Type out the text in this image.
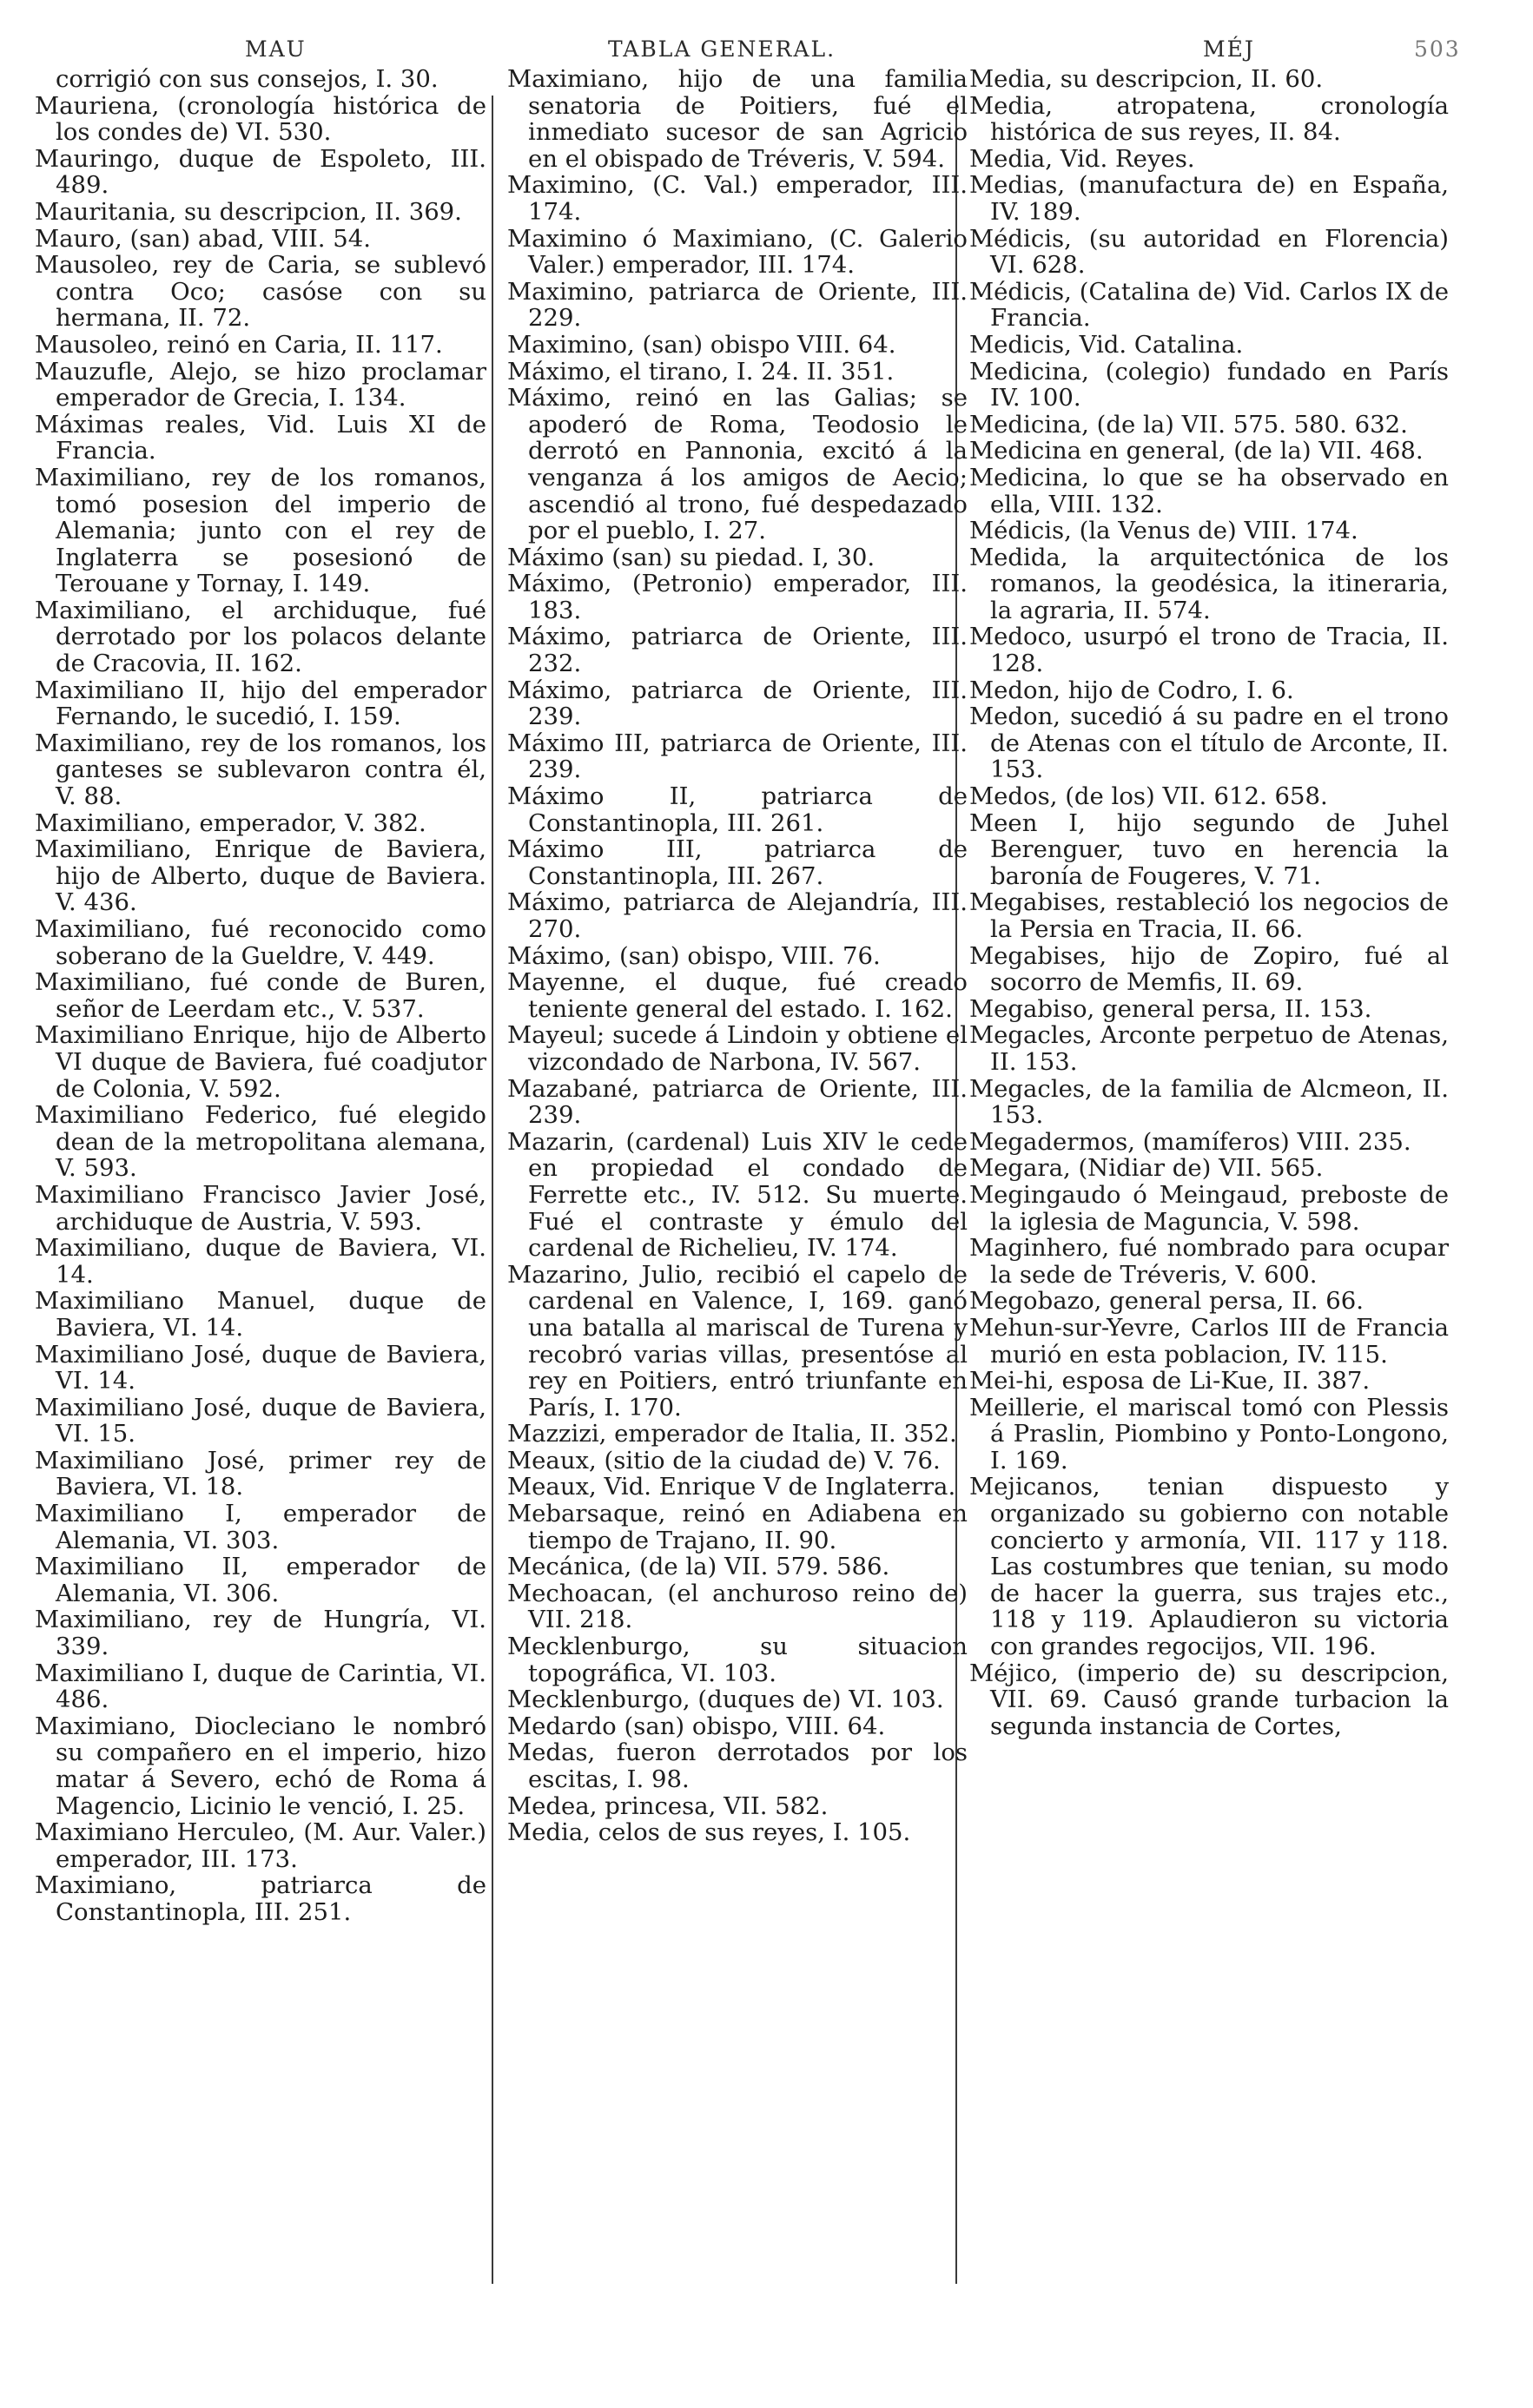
MAU	TABLA GENERAL.	MÉJ	503

corrigió con sus consejos, I. 30.

Mauriena, (cronología histórica de los condes de) VI. 530.

Mauringo, duque de Espoleto, III. 489.

Mauritania, su descripcion, II. 369.

Mauro, (san) abad, VIII. 54.

Mausoleo, rey de Caria, se sublevó contra Oco; casóse con su hermana, II. 72.

Mausoleo, reinó en Caria, II. 117.

Mauzufle, Alejo, se hizo proclamar emperador de Grecia, I. 134.

Máximas reales, Vid. Luis XI de Francia.

Maximiliano, rey de los romanos, tomó posesion del imperio de Alemania; junto con el rey de Inglaterra se posesionó de Terouane y Tornay, I. 149.

Maximiliano, el archiduque, fué derrotado por los polacos delante de Cracovia, II. 162.

Maximiliano II, hijo del emperador Fernando, le sucedió, I. 159.

Maximiliano, rey de los romanos, los ganteses se sublevaron contra él, V. 88.

Maximiliano, emperador, V. 382.

Maximiliano, Enrique de Baviera, hijo de Alberto, duque de Baviera. V. 436.

Maximiliano, fué reconocido como soberano de la Gueldre, V. 449.

Maximiliano, fué conde de Buren, señor de Leerdam etc., V. 537.

Maximiliano Enrique, hijo de Alberto VI duque de Baviera, fué coadjutor de Colonia, V. 592.

Maximiliano Federico, fué elegido dean de la metropolitana alemana, V. 593.

Maximiliano Francisco Javier José, archiduque de Austria, V. 593.

Maximiliano, duque de Baviera, VI. 14.

Maximiliano Manuel, duque de Baviera, VI. 14.

Maximiliano José, duque de Baviera, VI. 14.

Maximiliano José, duque de Baviera, VI. 15.

Maximiliano José, primer rey de Baviera, VI. 18.

Maximiliano I, emperador de Alemania, VI. 303.

Maximiliano II, emperador de Alemania, VI. 306.

Maximiliano, rey de Hungría, VI. 339.

Maximiliano I, duque de Carintia, VI. 486.

Maximiano, Diocleciano le nombró su compañero en el imperio, hizo matar á Severo, echó de Roma á Magencio, Licinio le venció, I. 25.

Maximiano Herculeo, (M. Aur. Valer.) emperador, III. 173.

Maximiano, patriarca de Constantinopla, III. 251.

Maximiano, hijo de una familia senatoria de Poitiers, fué el inmediato sucesor de san Agricio en el obispado de Tréveris, V. 594.

Maximino, (C. Val.) emperador, III. 174.

Maximino ó Maximiano, (C. Galerio Valer.) emperador, III. 174.

Maximino, patriarca de Oriente, III. 229.

Maximino, (san) obispo VIII. 64.

Máximo, el tirano, I. 24. II. 351.

Máximo, reinó en las Galias; se apoderó de Roma, Teodosio le derrotó en Pannonia, excitó á la venganza á los amigos de Aecio; ascendió al trono, fué despedazado por el pueblo, I. 27.

Máximo (san) su piedad. I, 30.

Máximo, (Petronio) emperador, III. 183.

Máximo, patriarca de Oriente, III. 232.

Máximo, patriarca de Oriente, III. 239.

Máximo III, patriarca de Oriente, III. 239.

Máximo II, patriarca de Constantinopla, III. 261.

Máximo III, patriarca de Constantinopla, III. 267.

Máximo, patriarca de Alejandría, III. 270.

Máximo, (san) obispo, VIII. 76.

Mayenne, el duque, fué creado teniente general del estado. I. 162.

Mayeul; sucede á Lindoin y obtiene el vizcondado de Narbona, IV. 567.

Mazabané, patriarca de Oriente, III. 239.

Mazarin, (cardenal) Luis XIV le cede en propiedad el condado de Ferrette etc., IV. 512. Su muerte. Fué el contraste y émulo del cardenal de Richelieu, IV. 174.

Mazarino, Julio, recibió el capelo de cardenal en Valence, I, 169. ganó una batalla al mariscal de Turena y recobró varias villas, presentóse al rey en Poitiers, entró triunfante en París, I. 170.

Mazzizi, emperador de Italia, II. 352.

Meaux, (sitio de la ciudad de) V. 76.

Meaux, Vid. Enrique V de Inglaterra.

Mebarsaque, reinó en Adiabena en tiempo de Trajano, II. 90.

Mecánica, (de la) VII. 579. 586.

Mechoacan, (el anchuroso reino de) VII. 218.

Mecklenburgo, su situacion topográfica, VI. 103.

Mecklenburgo, (duques de) VI. 103.

Medardo (san) obispo, VIII. 64.

Medas, fueron derrotados por los escitas, I. 98.

Medea, princesa, VII. 582.

Media, celos de sus reyes, I. 105.

Media, su descripcion, II. 60.

Media, atropatena, cronología histórica de sus reyes, II. 84.

Media, Vid. Reyes.

Medias, (manufactura de) en España, IV. 189.

Médicis, (su autoridad en Florencia) VI. 628.

Médicis, (Catalina de) Vid. Carlos IX de Francia.

Medicis, Vid. Catalina.

Medicina, (colegio) fundado en París IV. 100.

Medicina, (de la) VII. 575. 580. 632.

Medicina en general, (de la) VII. 468.

Medicina, lo que se ha observado en ella, VIII. 132.

Médicis, (la Venus de) VIII. 174.

Medida, la arquitectónica de los romanos, la geodésica, la itineraria, la agraria, II. 574.

Medoco, usurpó el trono de Tracia, II. 128.

Medon, hijo de Codro, I. 6.

Medon, sucedió á su padre en el trono de Atenas con el título de Arconte, II. 153.

Medos, (de los) VII. 612. 658.

Meen I, hijo segundo de Juhel Berenguer, tuvo en herencia la baronía de Fougeres, V. 71.

Megabises, restableció los negocios de la Persia en Tracia, II. 66.

Megabises, hijo de Zopiro, fué al socorro de Memfis, II. 69.

Megabiso, general persa, II. 153.

Megacles, Arconte perpetuo de Atenas, II. 153.

Megacles, de la familia de Alcmeon, II. 153.

Megadermos, (mamíferos) VIII. 235.

Megara, (Nidiar de) VII. 565.

Megingaudo ó Meingaud, preboste de la iglesia de Maguncia, V. 598.

Maginhero, fué nombrado para ocupar la sede de Tréveris, V. 600.

Megobazo, general persa, II. 66.

Mehun-sur-Yevre, Carlos III de Francia murió en esta poblacion, IV. 115.

Mei-hi, esposa de Li-Kue, II. 387.

Meillerie, el mariscal tomó con Plessis á Praslin, Piombino y Ponto-Longono, I. 169.

Mejicanos, tenian dispuesto y organizado su gobierno con notable concierto y armonía, VII. 117 y 118. Las costumbres que tenian, su modo de hacer la guerra, sus trajes etc., 118 y 119. Aplaudieron su victoria con grandes regocijos, VII. 196.

Méjico, (imperio de) su descripcion, VII. 69. Causó grande turbacion la segunda instancia de Cortes,
